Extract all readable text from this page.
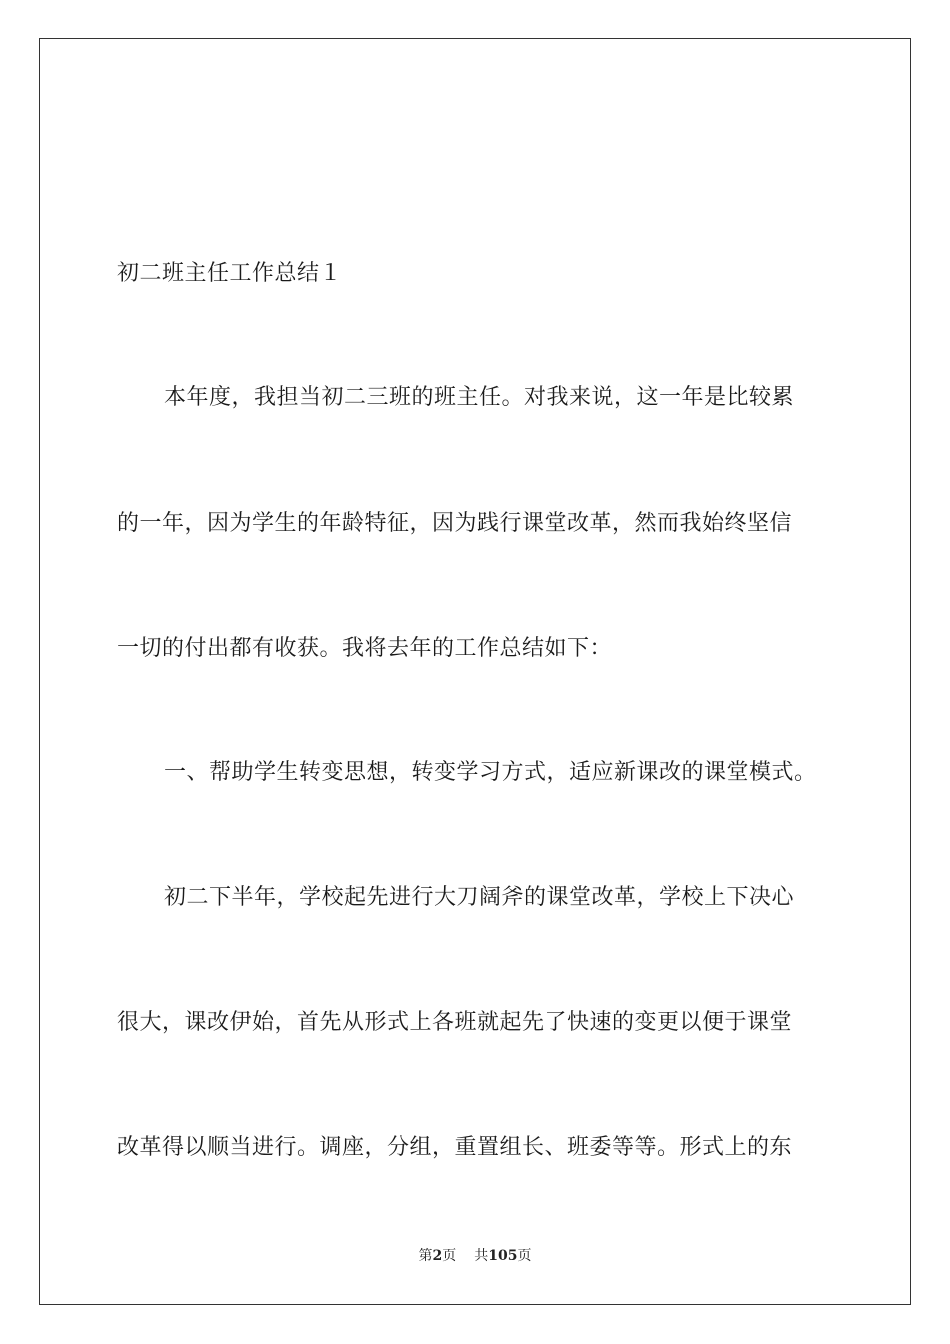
初二班主任工作总结１
本年度，我担当初二三班的班主任。对我来说，这一年是比较累
的一年，因为学生的年龄特征，因为践行课堂改革，然而我始终坚信
一切的付出都有收获。我将去年的工作总结如下：
一、帮助学生转变思想，转变学习方式，适应新课改的课堂模式。
初二下半年，学校起先进行大刀阔斧的课堂改革，学校上下决心
很大，课改伊始，首先从形式上各班就起先了快速的变更以便于课堂
改革得以顺当进行。调座，分组，重置组长、班委等等。形式上的东
第2页 共105页
